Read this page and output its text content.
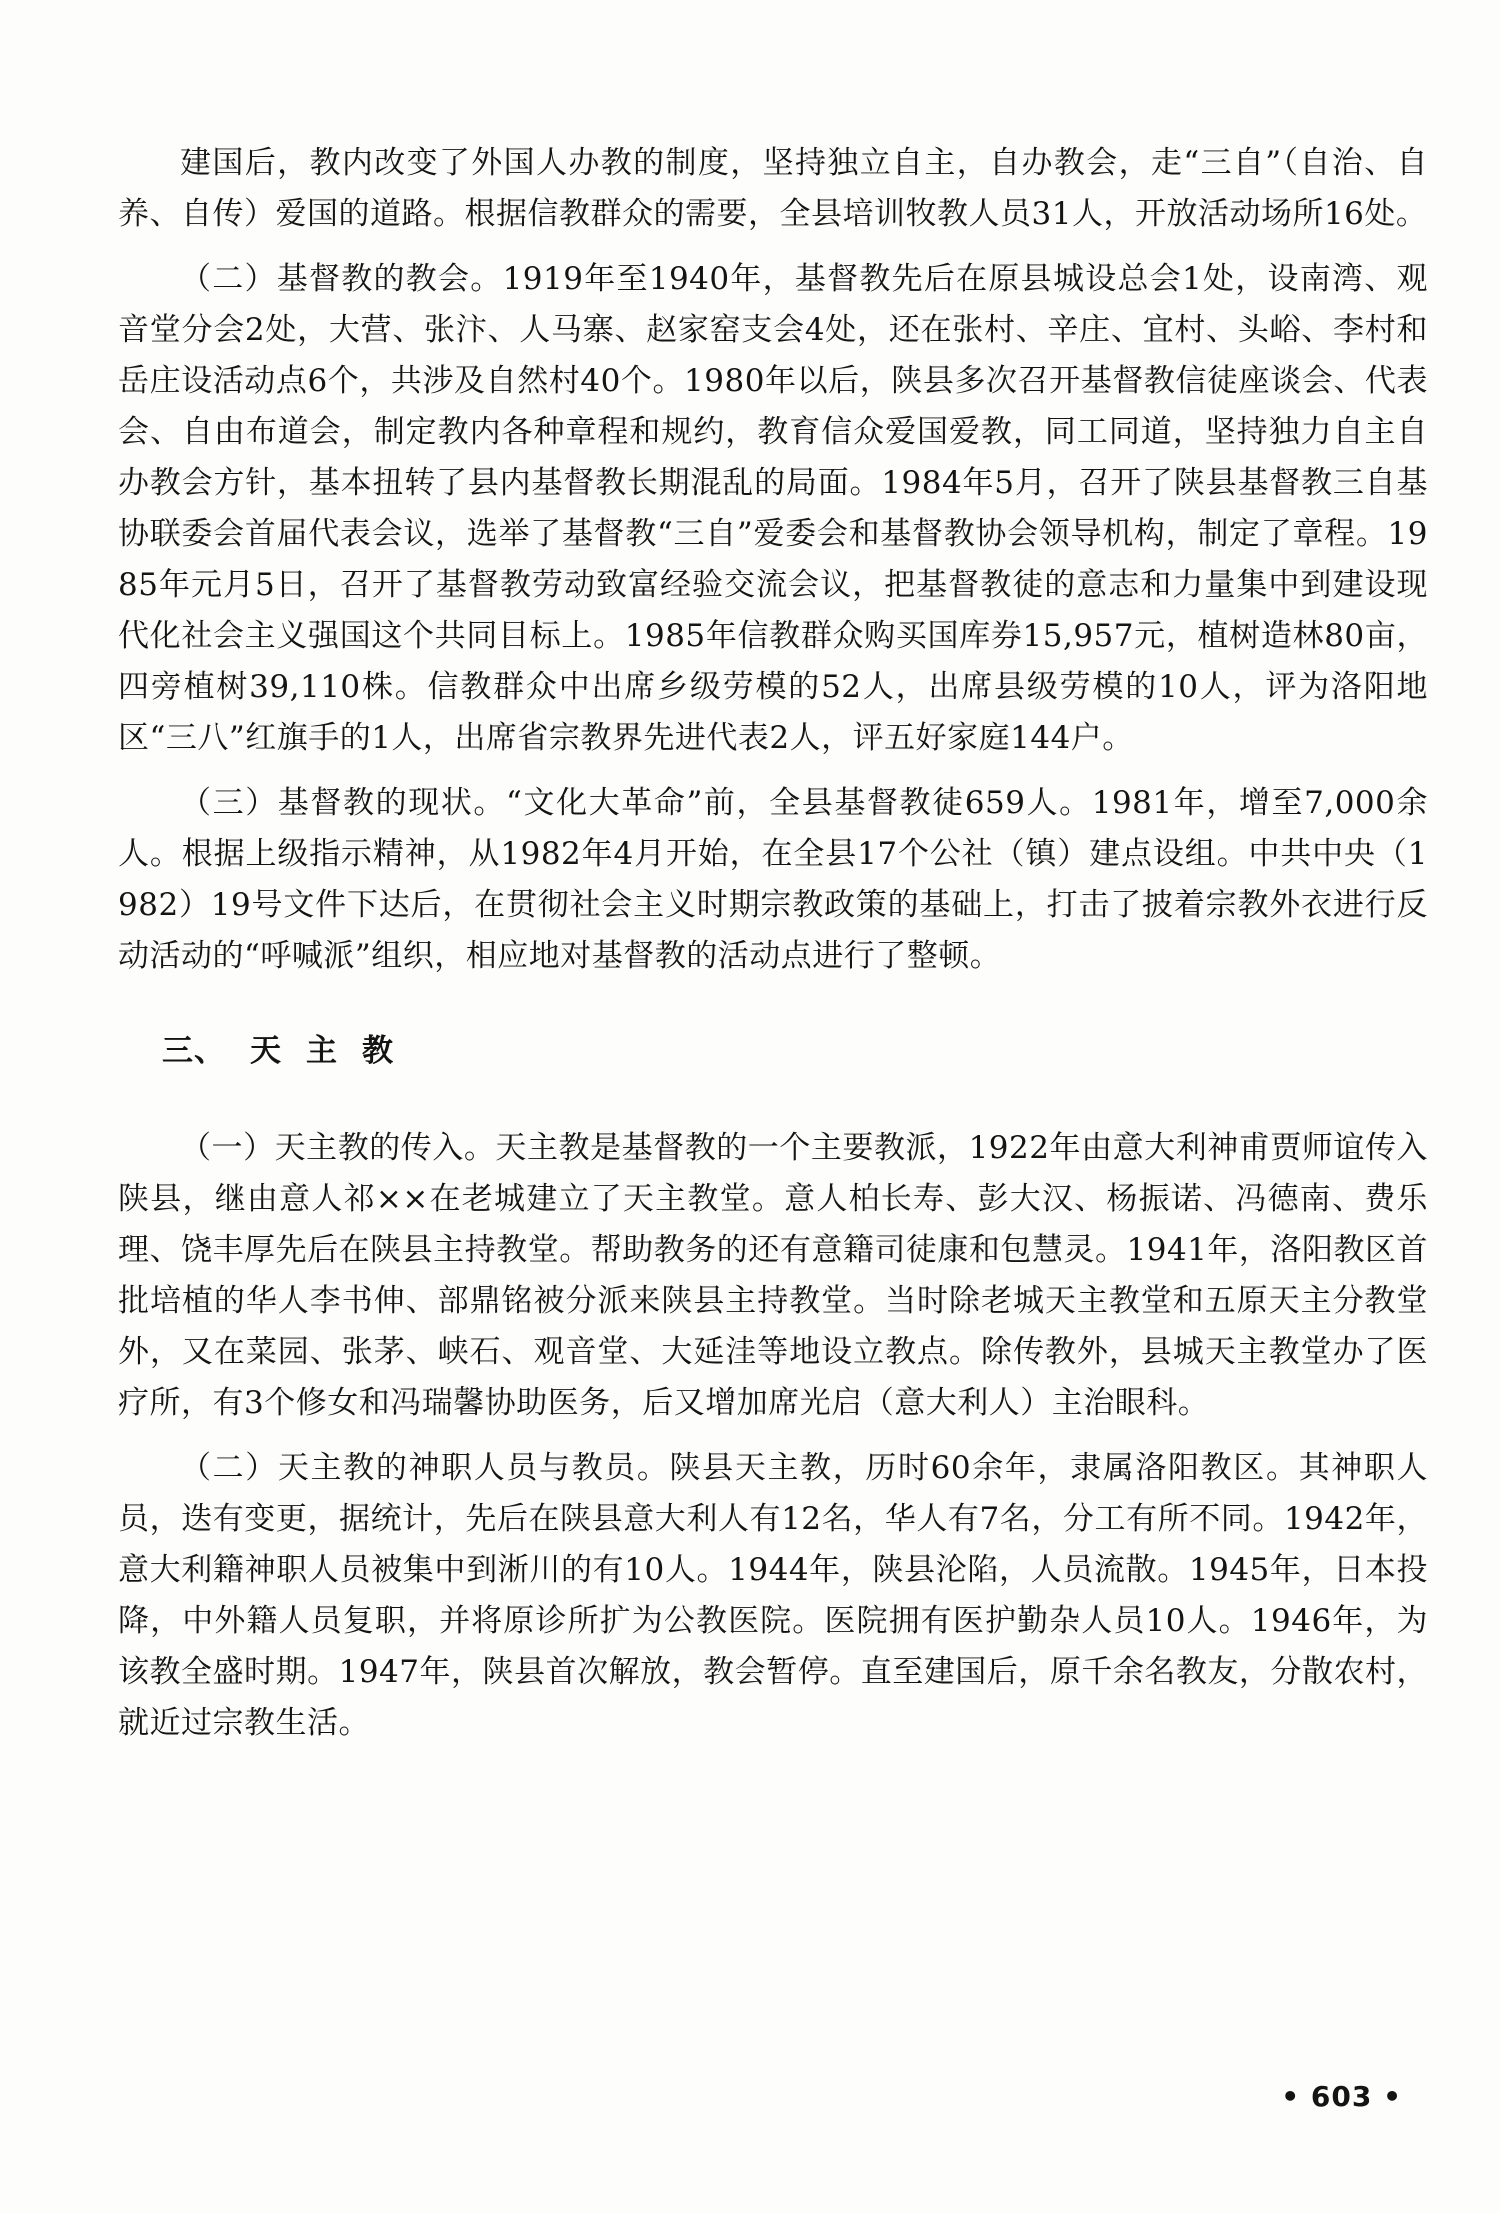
建国后，教内改变了外国人办教的制度，坚持独立自主，自办教会，走“三自”（自治、自养、自传）爱国的道路。根据信教群众的需要，全县培训牧教人员31人，开放活动场所16处。

（二）基督教的教会。1919年至1940年，基督教先后在原县城设总会1处，设南湾、观音堂分会2处，大营、张汴、人马寨、赵家窑支会4处，还在张村、辛庄、宜村、头峪、李村和岳庄设活动点6个，共涉及自然村40个。1980年以后，陕县多次召开基督教信徒座谈会、代表会、自由布道会，制定教内各种章程和规约，教育信众爱国爱教，同工同道，坚持独力自主自办教会方针，基本扭转了县内基督教长期混乱的局面。1984年5月，召开了陕县基督教三自基协联委会首届代表会议，选举了基督教“三自”爱委会和基督教协会领导机构，制定了章程。1985年元月5日，召开了基督教劳动致富经验交流会议，把基督教徒的意志和力量集中到建设现代化社会主义强国这个共同目标上。1985年信教群众购买国库券15,957元，植树造林80亩，四旁植树39,110株。信教群众中出席乡级劳模的52人，出席县级劳模的10人，评为洛阳地区“三八”红旗手的1人，出席省宗教界先进代表2人，评五好家庭144户。

（三）基督教的现状。“文化大革命”前，全县基督教徒659人。1981年，增至7,000余人。根据上级指示精神，从1982年4月开始，在全县17个公社（镇）建点设组。中共中央（1982）19号文件下达后，在贯彻社会主义时期宗教政策的基础上，打击了披着宗教外衣进行反动活动的“呼喊派”组织，相应地对基督教的活动点进行了整顿。

三、 天 主 教

（一）天主教的传入。天主教是基督教的一个主要教派，1922年由意大利神甫贾师谊传入陕县，继由意人祁××在老城建立了天主教堂。意人柏长寿、彭大汉、杨振诺、冯德南、费乐理、饶丰厚先后在陕县主持教堂。帮助教务的还有意籍司徒康和包慧灵。1941年，洛阳教区首批培植的华人李书伸、部鼎铭被分派来陕县主持教堂。当时除老城天主教堂和五原天主分教堂外，又在菜园、张茅、峡石、观音堂、大延洼等地设立教点。除传教外，县城天主教堂办了医疗所，有3个修女和冯瑞馨协助医务，后又增加席光启（意大利人）主治眼科。

（二）天主教的神职人员与教员。陕县天主教，历时60余年，隶属洛阳教区。其神职人员，迭有变更，据统计，先后在陕县意大利人有12名，华人有7名，分工有所不同。1942年，意大利籍神职人员被集中到淅川的有10人。1944年，陕县沦陷，人员流散。1945年，日本投降，中外籍人员复职，并将原诊所扩为公教医院。医院拥有医护勤杂人员10人。1946年，为该教全盛时期。1947年，陕县首次解放，教会暂停。直至建国后，原千余名教友，分散农村，就近过宗教生活。

• 603 •
